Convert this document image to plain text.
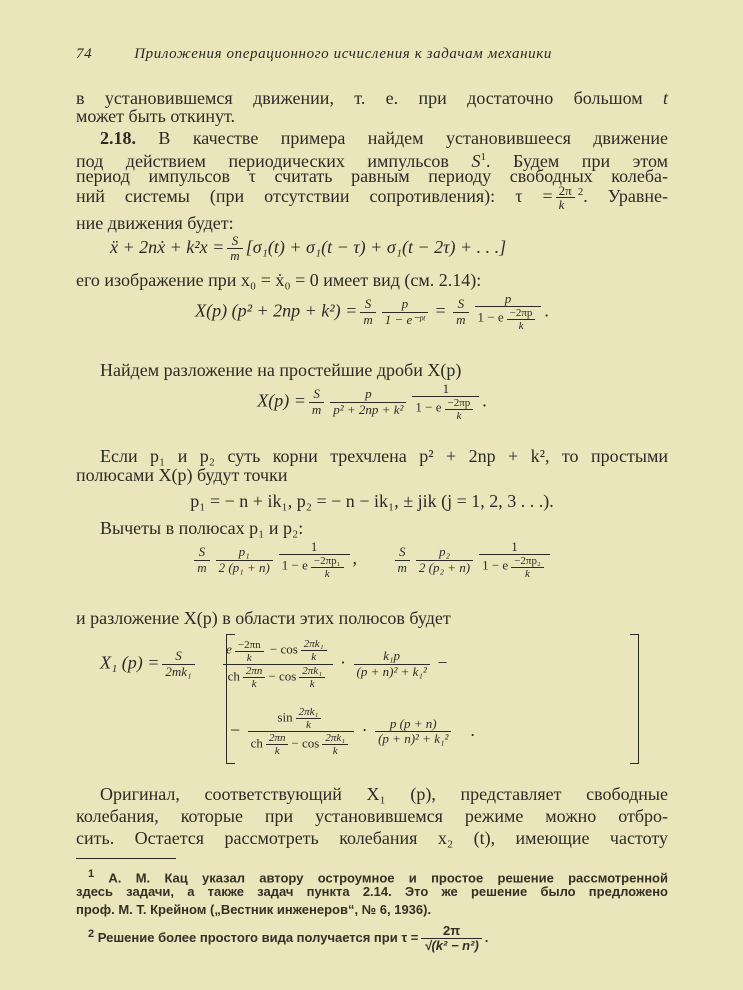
74	Приложения операционного исчисления к задачам механики
в установившемся движении, т. е. при достаточно большом t
может быть откинут.
2.18. В качестве примера найдем установившееся движение
под действием периодических импульсов $S^1$. Будем при этом
период импульсов τ считать равным периоду свободных колеба-
ний системы (при отсутствии сопротивления): $\tau = \frac{2\pi}{k} ^2$. Уравне-
ние движения будет:
ẍ + 2nẋ + $k^2x = \frac{S}{m} [\sigma_1(t) + \sigma_1(t - \tau) + \sigma_1(t - 2\tau)$ + . . .]
его изображение при x₀ = ẋ₀ = 0 имеет вид (см. 2.14):
X(p) $(p^2 + 2np + k^2) = \frac{S}{m} \frac{p}{\text{1 − e⁻ᵖᵗ}} = \frac{S}{m}$ p
1 − e $^{\frac{-2\pi p}{k}}$ .
Найдем разложение на простейшие дроби X(p)
$X(p) = \frac{S}{m} \frac{p}{\text{p² + 2np + k²}} 1$
1 − e $^{\frac{-2\pi p}{k}}$ .
Если p₁ и p₂ суть корни трехчлена p² + 2np + k², то простыми
полюсами X(p) будут точки
p₁ = − n + ik₁, p₂ = − n − ik₁, ± jik (j = 1, 2, 3 . . .).
Вычеты в полюсах p₁ и p₂:
$\frac{S}{m} \frac{\text{p₁}}{\text{2 (p₁ + n)}} 1$
1 − e $^{\frac{\text{−2πp₁}}{k}}$ ,	$\frac{S}{m} \frac{\text{p₂}}{\text{2 (p₂ + n)}} 1$
1 − e $^{\frac{\text{−2πp₂}}{k}}$
и разложение X(p) в области этих полюсов будет
X₁ $(p) = \frac{S}{\text{2mk₁}}$
e $^{\frac{-2\pi n}{k}} - \cos \frac{\text{2πk₁}}{k}$
ch $\frac{2\pi n}{k} - \cos \frac{\text{2πk₁}}{k} \cdot \frac{\text{k₁p}}{\text{(p + n)² + k₁²}}$ −
− $\frac{\sin \frac{\text{2πk₁}}{k}}{ch \frac{2\pi n}{k} - \cos \frac{\text{2πk₁}}{k}} \cdot \frac{p (p + n)}{\text{(p + n)² + k₁²}}$ .
Оригинал, соответствующий X₁ (p), представляет свободные
колебания, которые при установившемся режиме можно отбро-
сить. Остается рассмотреть колебания x₂ (t), имеющие частоту
$^1$ А. М. Кац указал автору остроумное и простое решение рассмотренной
здесь задачи, а также задач пункта 2.14. Это же решение было предложено
проф. М. Т. Крейном („Вестник инженеров“, № 6, 1936).
$^2$ Решение более простого вида получается при $\tau = \frac{2\pi}{\text{√(k² − n²)}}$ .
